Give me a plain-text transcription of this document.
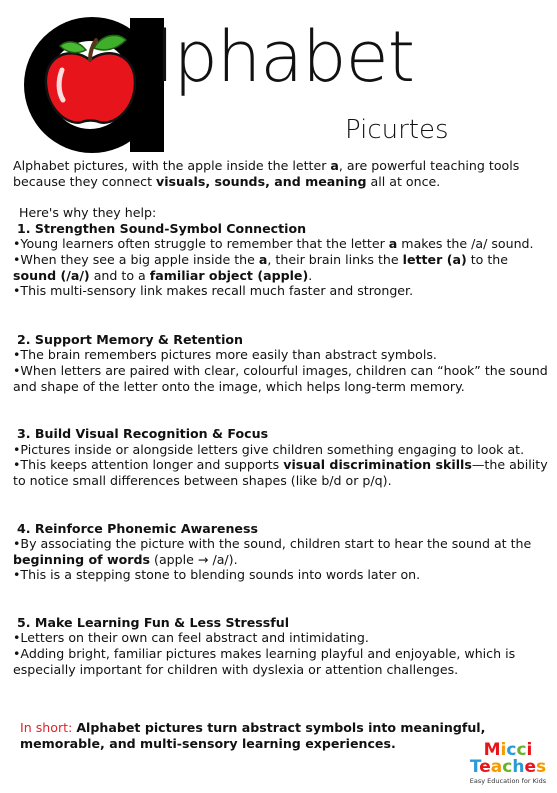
lphabet
Picurtes

Alphabet pictures, with the apple inside the letter a, are powerful teaching tools because they connect visuals, sounds, and meaning all at once.

Here's why they help:

1. Strengthen Sound-Symbol Connection

•Young learners often struggle to remember that the letter a makes the /a/ sound.

•When they see a big apple inside the a, their brain links the letter (a) to the sound (/a/) and to a familiar object (apple).

•This multi-sensory link makes recall much faster and stronger.

2. Support Memory & Retention

•The brain remembers pictures more easily than abstract symbols.

•When letters are paired with clear, colourful images, children can “hook” the sound and shape of the letter onto the image, which helps long-term memory.

3. Build Visual Recognition & Focus

•Pictures inside or alongside letters give children something engaging to look at.

•This keeps attention longer and supports visual discrimination skills—the ability to notice small differences between shapes (like b/d or p/q).

4. Reinforce Phonemic Awareness

•By associating the picture with the sound, children start to hear the sound at the beginning of words (apple → /a/).

•This is a stepping stone to blending sounds into words later on.

5. Make Learning Fun & Less Stressful

•Letters on their own can feel abstract and intimidating.

•Adding bright, familiar pictures makes learning playful and enjoyable, which is especially important for children with dyslexia or attention challenges.

In short: Alphabet pictures turn abstract symbols into meaningful, memorable, and multi-sensory learning experiences.	Micci
Teaches
Easy Education for Kids
